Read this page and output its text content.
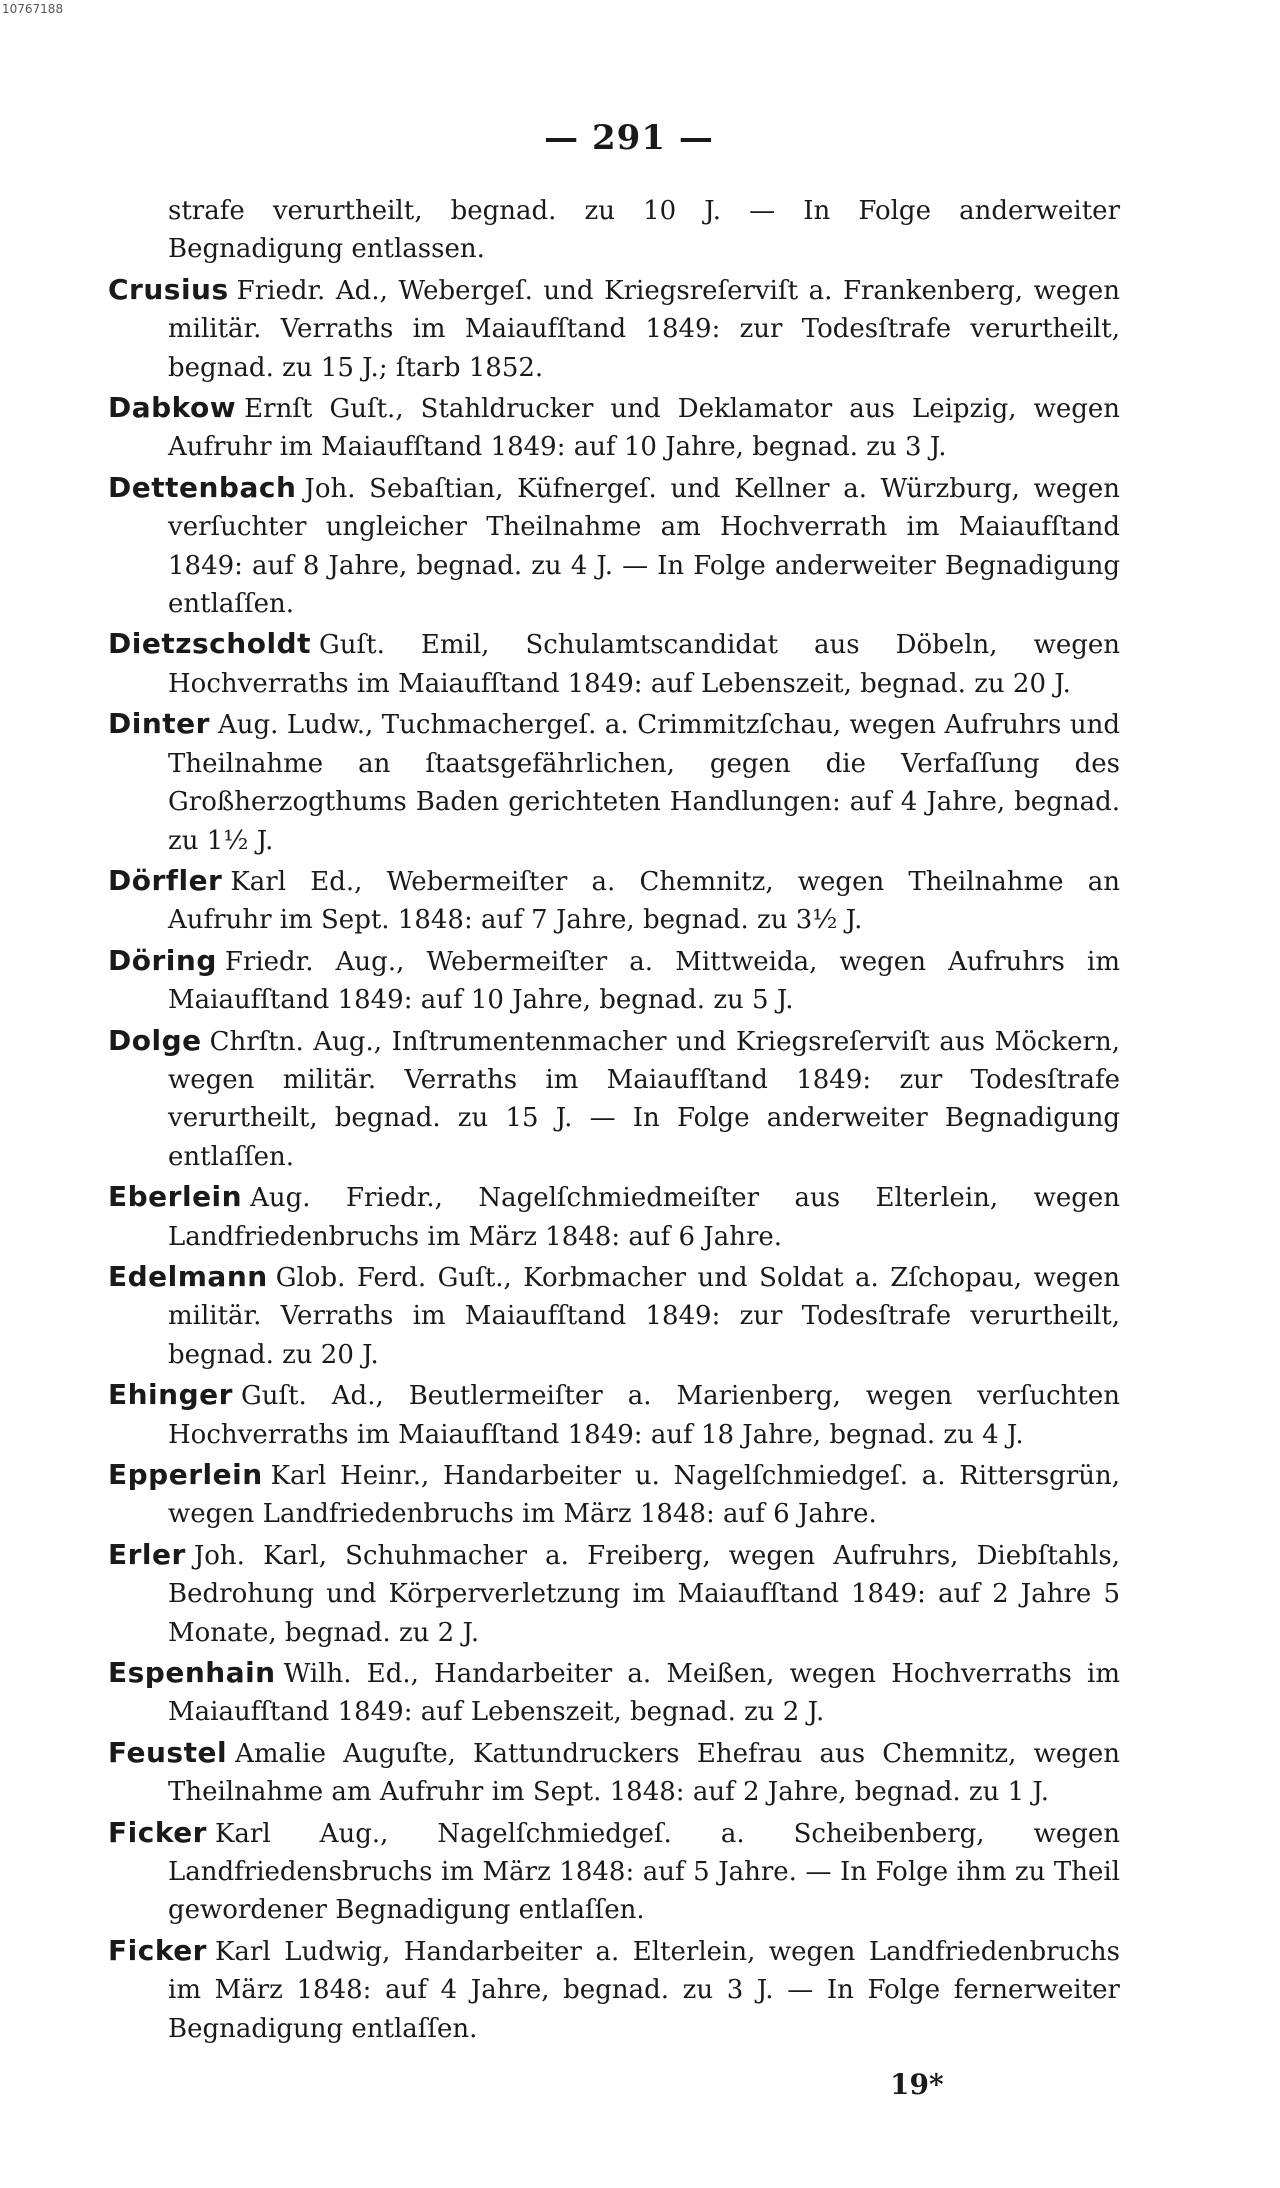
10767188
— 291 —
strafe verurtheilt, begnad. zu 10 J. — In Folge anderweiter Begnadigung entlassen.
Crusius Friedr. Ad., Webergeſ. und Kriegsreſerviſt a. Frankenberg, wegen militär. Verraths im Maiaufſtand 1849: zur Todesſtrafe verurtheilt, begnad. zu 15 J.; ſtarb 1852.
Dabkow Ernſt Guſt., Stahldrucker und Deklamator aus Leipzig, wegen Aufruhr im Maiaufſtand 1849: auf 10 Jahre, begnad. zu 3 J.
Dettenbach Joh. Sebaſtian, Küfnergeſ. und Kellner a. Würzburg, wegen verſuchter ungleicher Theilnahme am Hochverrath im Maiaufſtand 1849: auf 8 Jahre, begnad. zu 4 J. — In Folge anderweiter Begnadigung entlaſſen.
Dietzscholdt Guſt. Emil, Schulamtscandidat aus Döbeln, wegen Hochverraths im Maiaufſtand 1849: auf Lebenszeit, begnad. zu 20 J.
Dinter Aug. Ludw., Tuchmachergeſ. a. Crimmitzſchau, wegen Aufruhrs und Theilnahme an ſtaatsgefährlichen, gegen die Verfaſſung des Großherzogthums Baden gerichteten Handlungen: auf 4 Jahre, begnad. zu 1½ J.
Dörfler Karl Ed., Webermeiſter a. Chemnitz, wegen Theilnahme an Aufruhr im Sept. 1848: auf 7 Jahre, begnad. zu 3½ J.
Döring Friedr. Aug., Webermeiſter a. Mittweida, wegen Aufruhrs im Maiaufſtand 1849: auf 10 Jahre, begnad. zu 5 J.
Dolge Chrſtn. Aug., Inſtrumentenmacher und Kriegsreſerviſt aus Möckern, wegen militär. Verraths im Maiaufſtand 1849: zur Todesſtrafe verurtheilt, begnad. zu 15 J. — In Folge anderweiter Begnadigung entlaſſen.
Eberlein Aug. Friedr., Nagelſchmiedmeiſter aus Elterlein, wegen Landfriedenbruchs im März 1848: auf 6 Jahre.
Edelmann Glob. Ferd. Guſt., Korbmacher und Soldat a. Zſchopau, wegen militär. Verraths im Maiaufſtand 1849: zur Todesſtrafe verurtheilt, begnad. zu 20 J.
Ehinger Guſt. Ad., Beutlermeiſter a. Marienberg, wegen verſuchten Hochverraths im Maiaufſtand 1849: auf 18 Jahre, begnad. zu 4 J.
Epperlein Karl Heinr., Handarbeiter u. Nagelſchmiedgeſ. a. Rittersgrün, wegen Landfriedenbruchs im März 1848: auf 6 Jahre.
Erler Joh. Karl, Schuhmacher a. Freiberg, wegen Aufruhrs, Diebſtahls, Bedrohung und Körperverletzung im Maiaufſtand 1849: auf 2 Jahre 5 Monate, begnad. zu 2 J.
Espenhain Wilh. Ed., Handarbeiter a. Meißen, wegen Hochverraths im Maiaufſtand 1849: auf Lebenszeit, begnad. zu 2 J.
Feustel Amalie Auguſte, Kattundruckers Ehefrau aus Chemnitz, wegen Theilnahme am Aufruhr im Sept. 1848: auf 2 Jahre, begnad. zu 1 J.
Ficker Karl Aug., Nagelſchmiedgeſ. a. Scheibenberg, wegen Landfriedensbruchs im März 1848: auf 5 Jahre. — In Folge ihm zu Theil gewordener Begnadigung entlaſſen.
Ficker Karl Ludwig, Handarbeiter a. Elterlein, wegen Landfriedenbruchs im März 1848: auf 4 Jahre, begnad. zu 3 J. — In Folge fernerweiter Begnadigung entlaſſen.
19*
